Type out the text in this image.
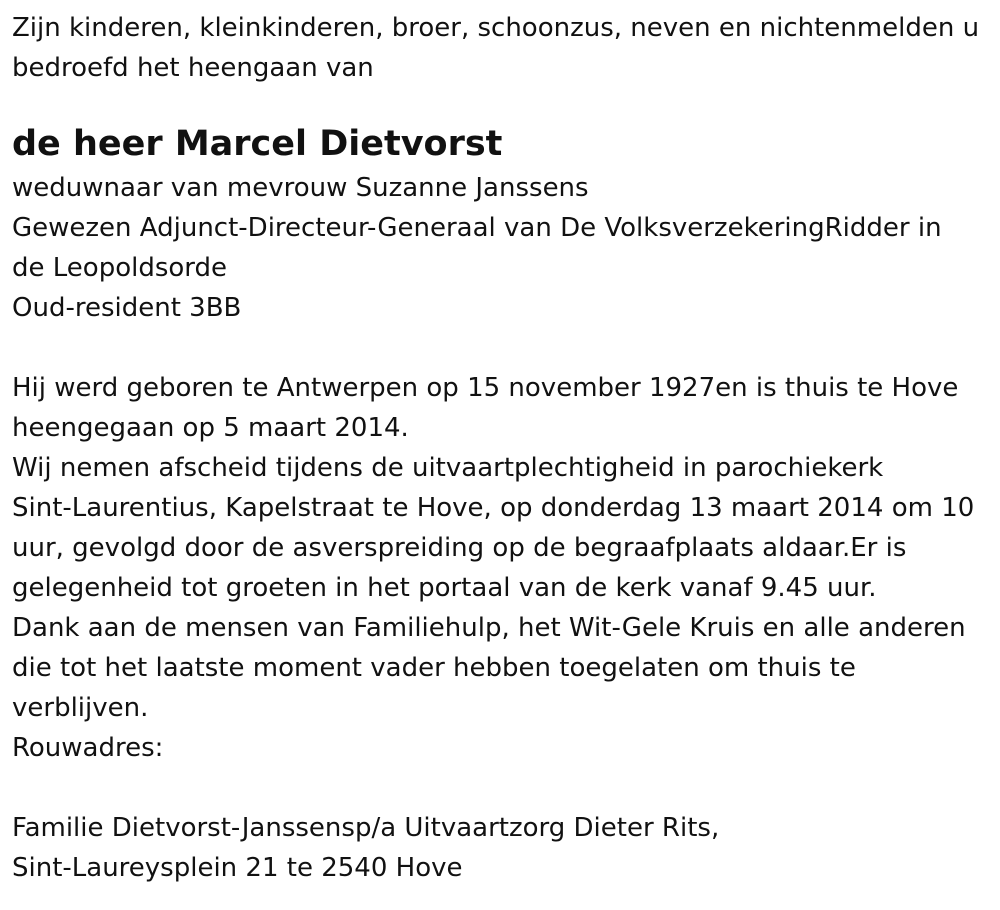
Zijn kinderen, kleinkinderen, broer, schoonzus, neven en nichtenmelden u
bedroefd het heengaan van

de heer Marcel Dietvorst

weduwnaar van mevrouw Suzanne Janssens
Gewezen Adjunct-Directeur-Generaal van De VolksverzekeringRidder in
de Leopoldsorde
Oud-resident 3BB

Hij werd geboren te Antwerpen op 15 november 1927en is thuis te Hove
heengegaan op 5 maart 2014.
Wij nemen afscheid tijdens de uitvaartplechtigheid in parochiekerk
Sint-Laurentius, Kapelstraat te Hove, op donderdag 13 maart 2014 om 10
uur, gevolgd door de asverspreiding op de begraafplaats aldaar.Er is
gelegenheid tot groeten in het portaal van de kerk vanaf 9.45 uur.
Dank aan de mensen van Familiehulp, het Wit-Gele Kruis en alle anderen
die tot het laatste moment vader hebben toegelaten om thuis te
verblijven.
Rouwadres:

Familie Dietvorst-Janssensp/a Uitvaartzorg Dieter Rits,
Sint-Laureysplein 21 te 2540 Hove
